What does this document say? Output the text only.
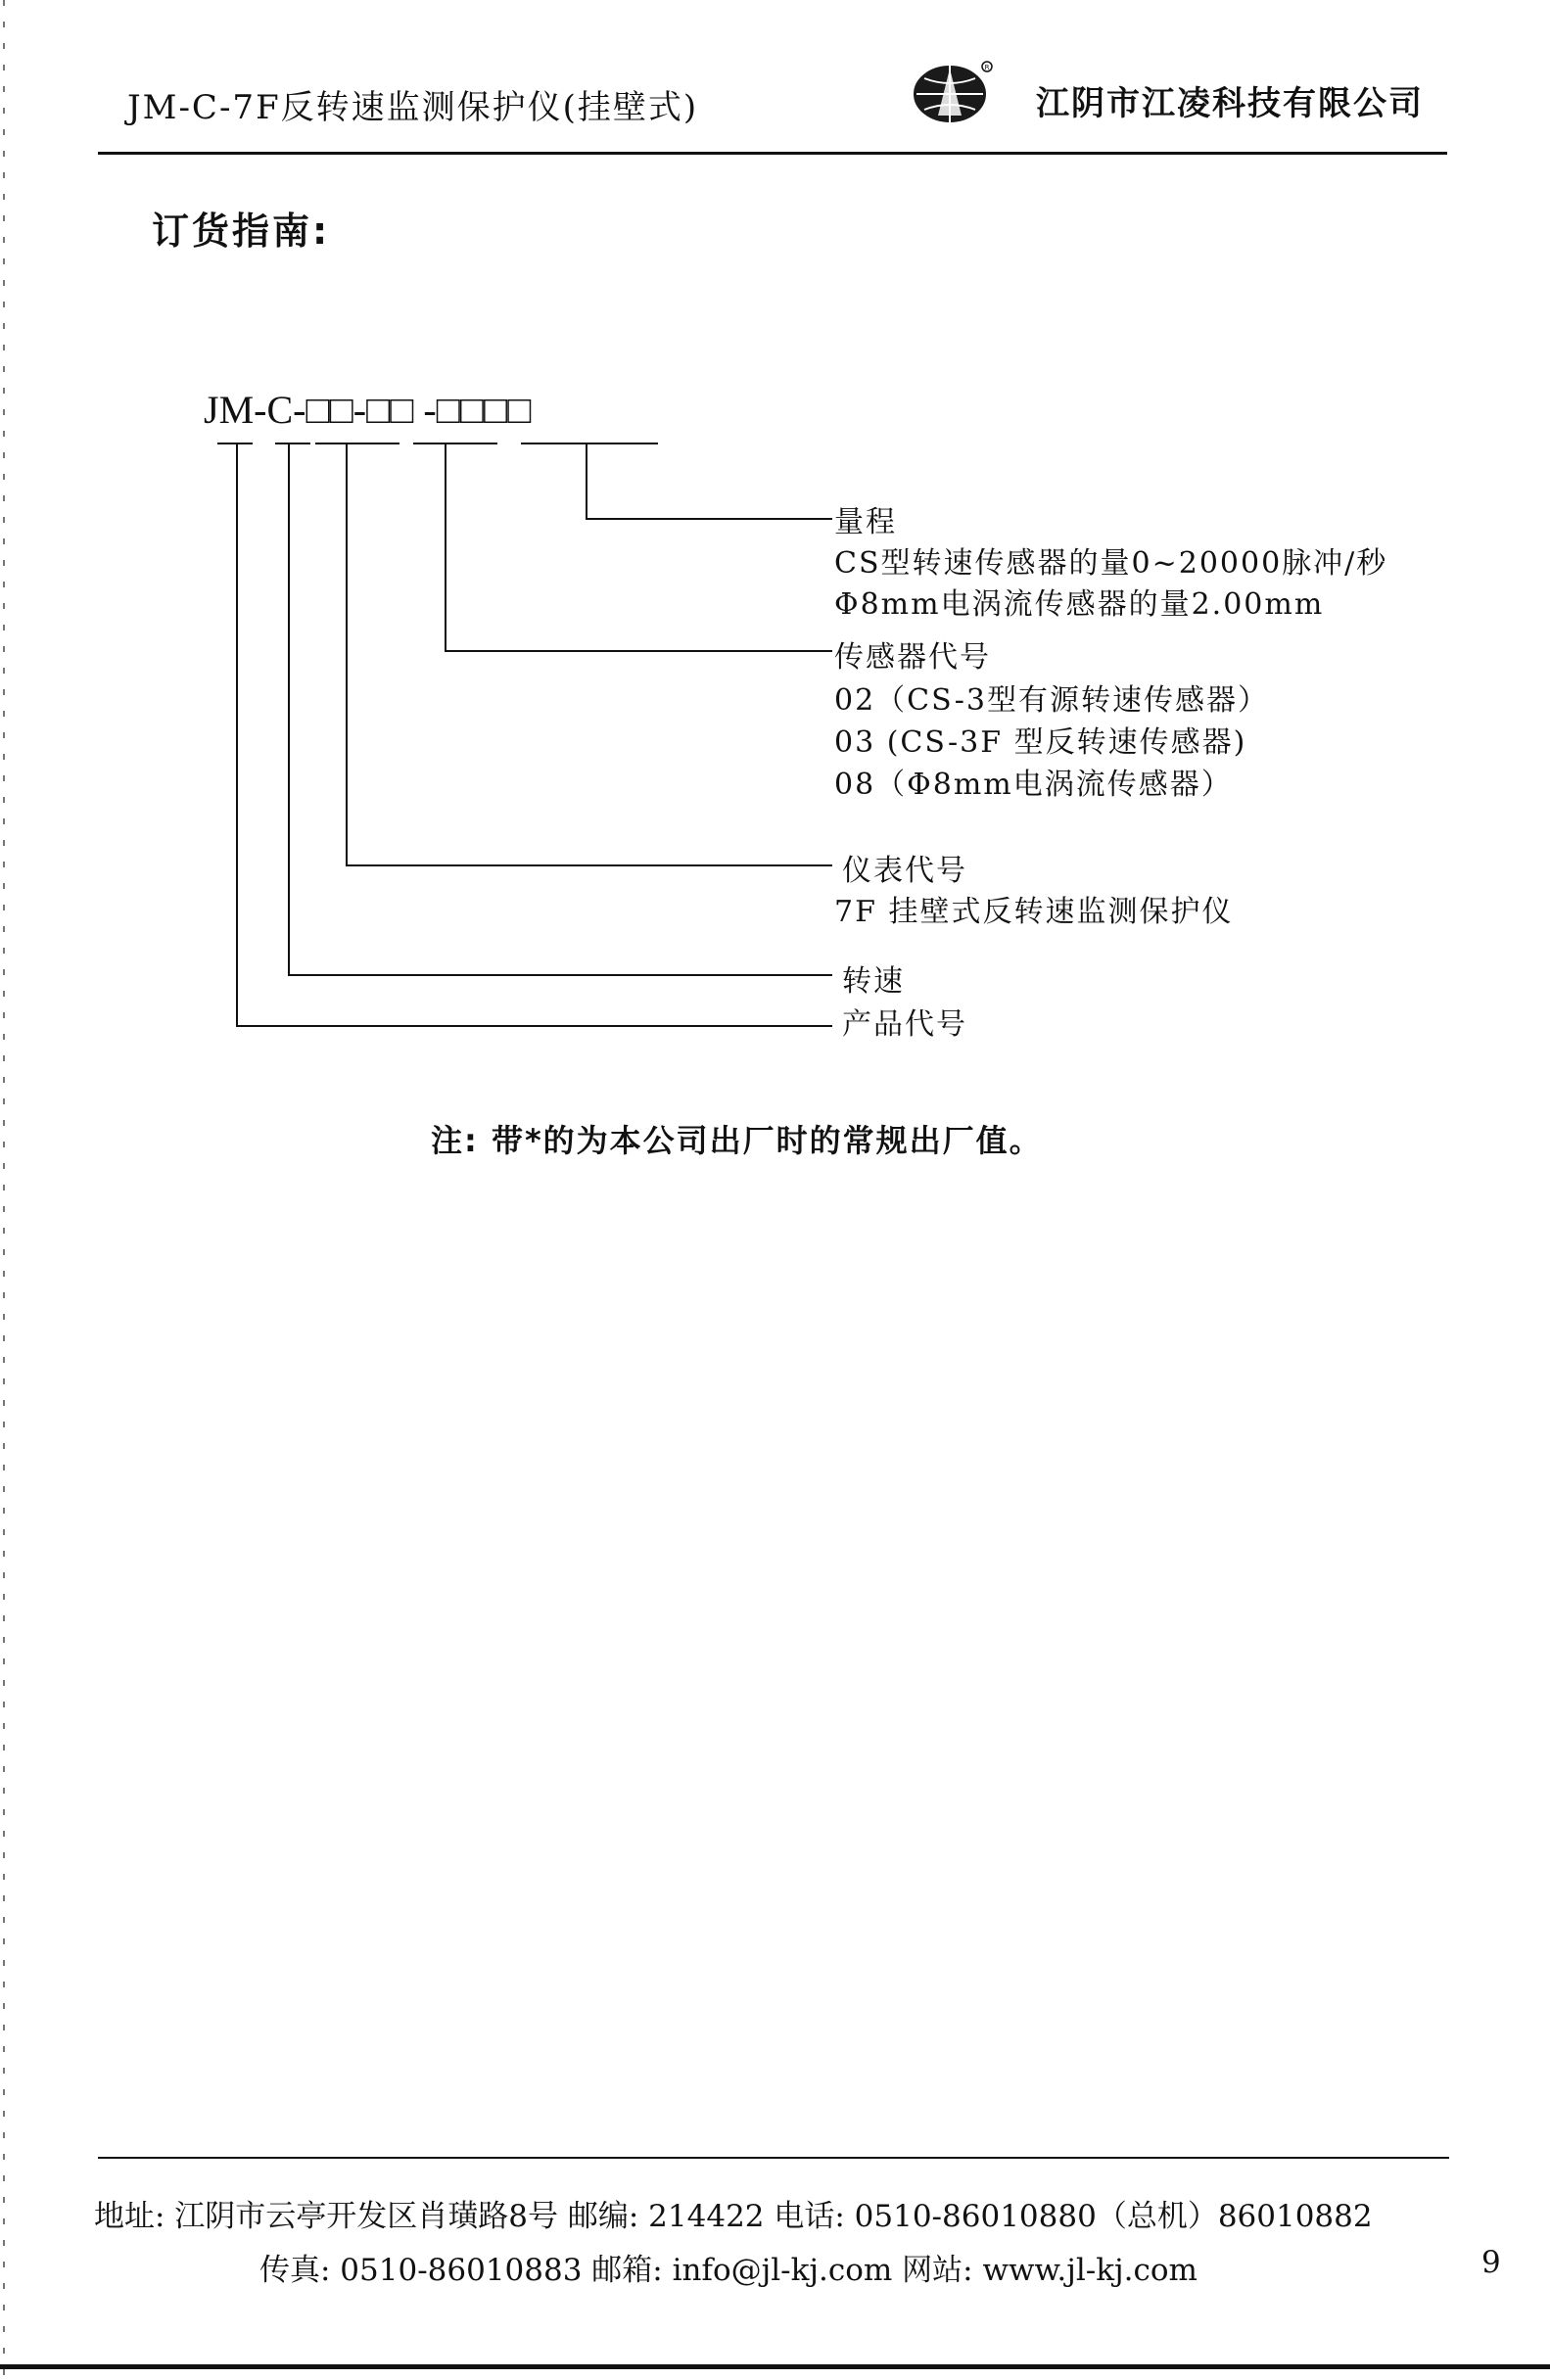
JM-C-7F反转速监测保护仪(挂壁式)
R
江阴市江凌科技有限公司
订货指南:
JM-C-□□-□□ -□□□□
量程
CS型转速传感器的量0~20000脉冲/秒
Φ8mm电涡流传感器的量2.00mm
传感器代号
02（CS-3型有源转速传感器）
03 (CS-3F 型反转速传感器)
08（Φ8mm电涡流传感器）
仪表代号
7F 挂壁式反转速监测保护仪
转速
产品代号
注: 带*的为本公司出厂时的常规出厂值。
地址: 江阴市云亭开发区肖璜路8号 邮编: 214422 电话: 0510-86010880（总机）86010882
传真: 0510-86010883 邮箱: info@jl-kj.com 网站: www.jl-kj.com	9
